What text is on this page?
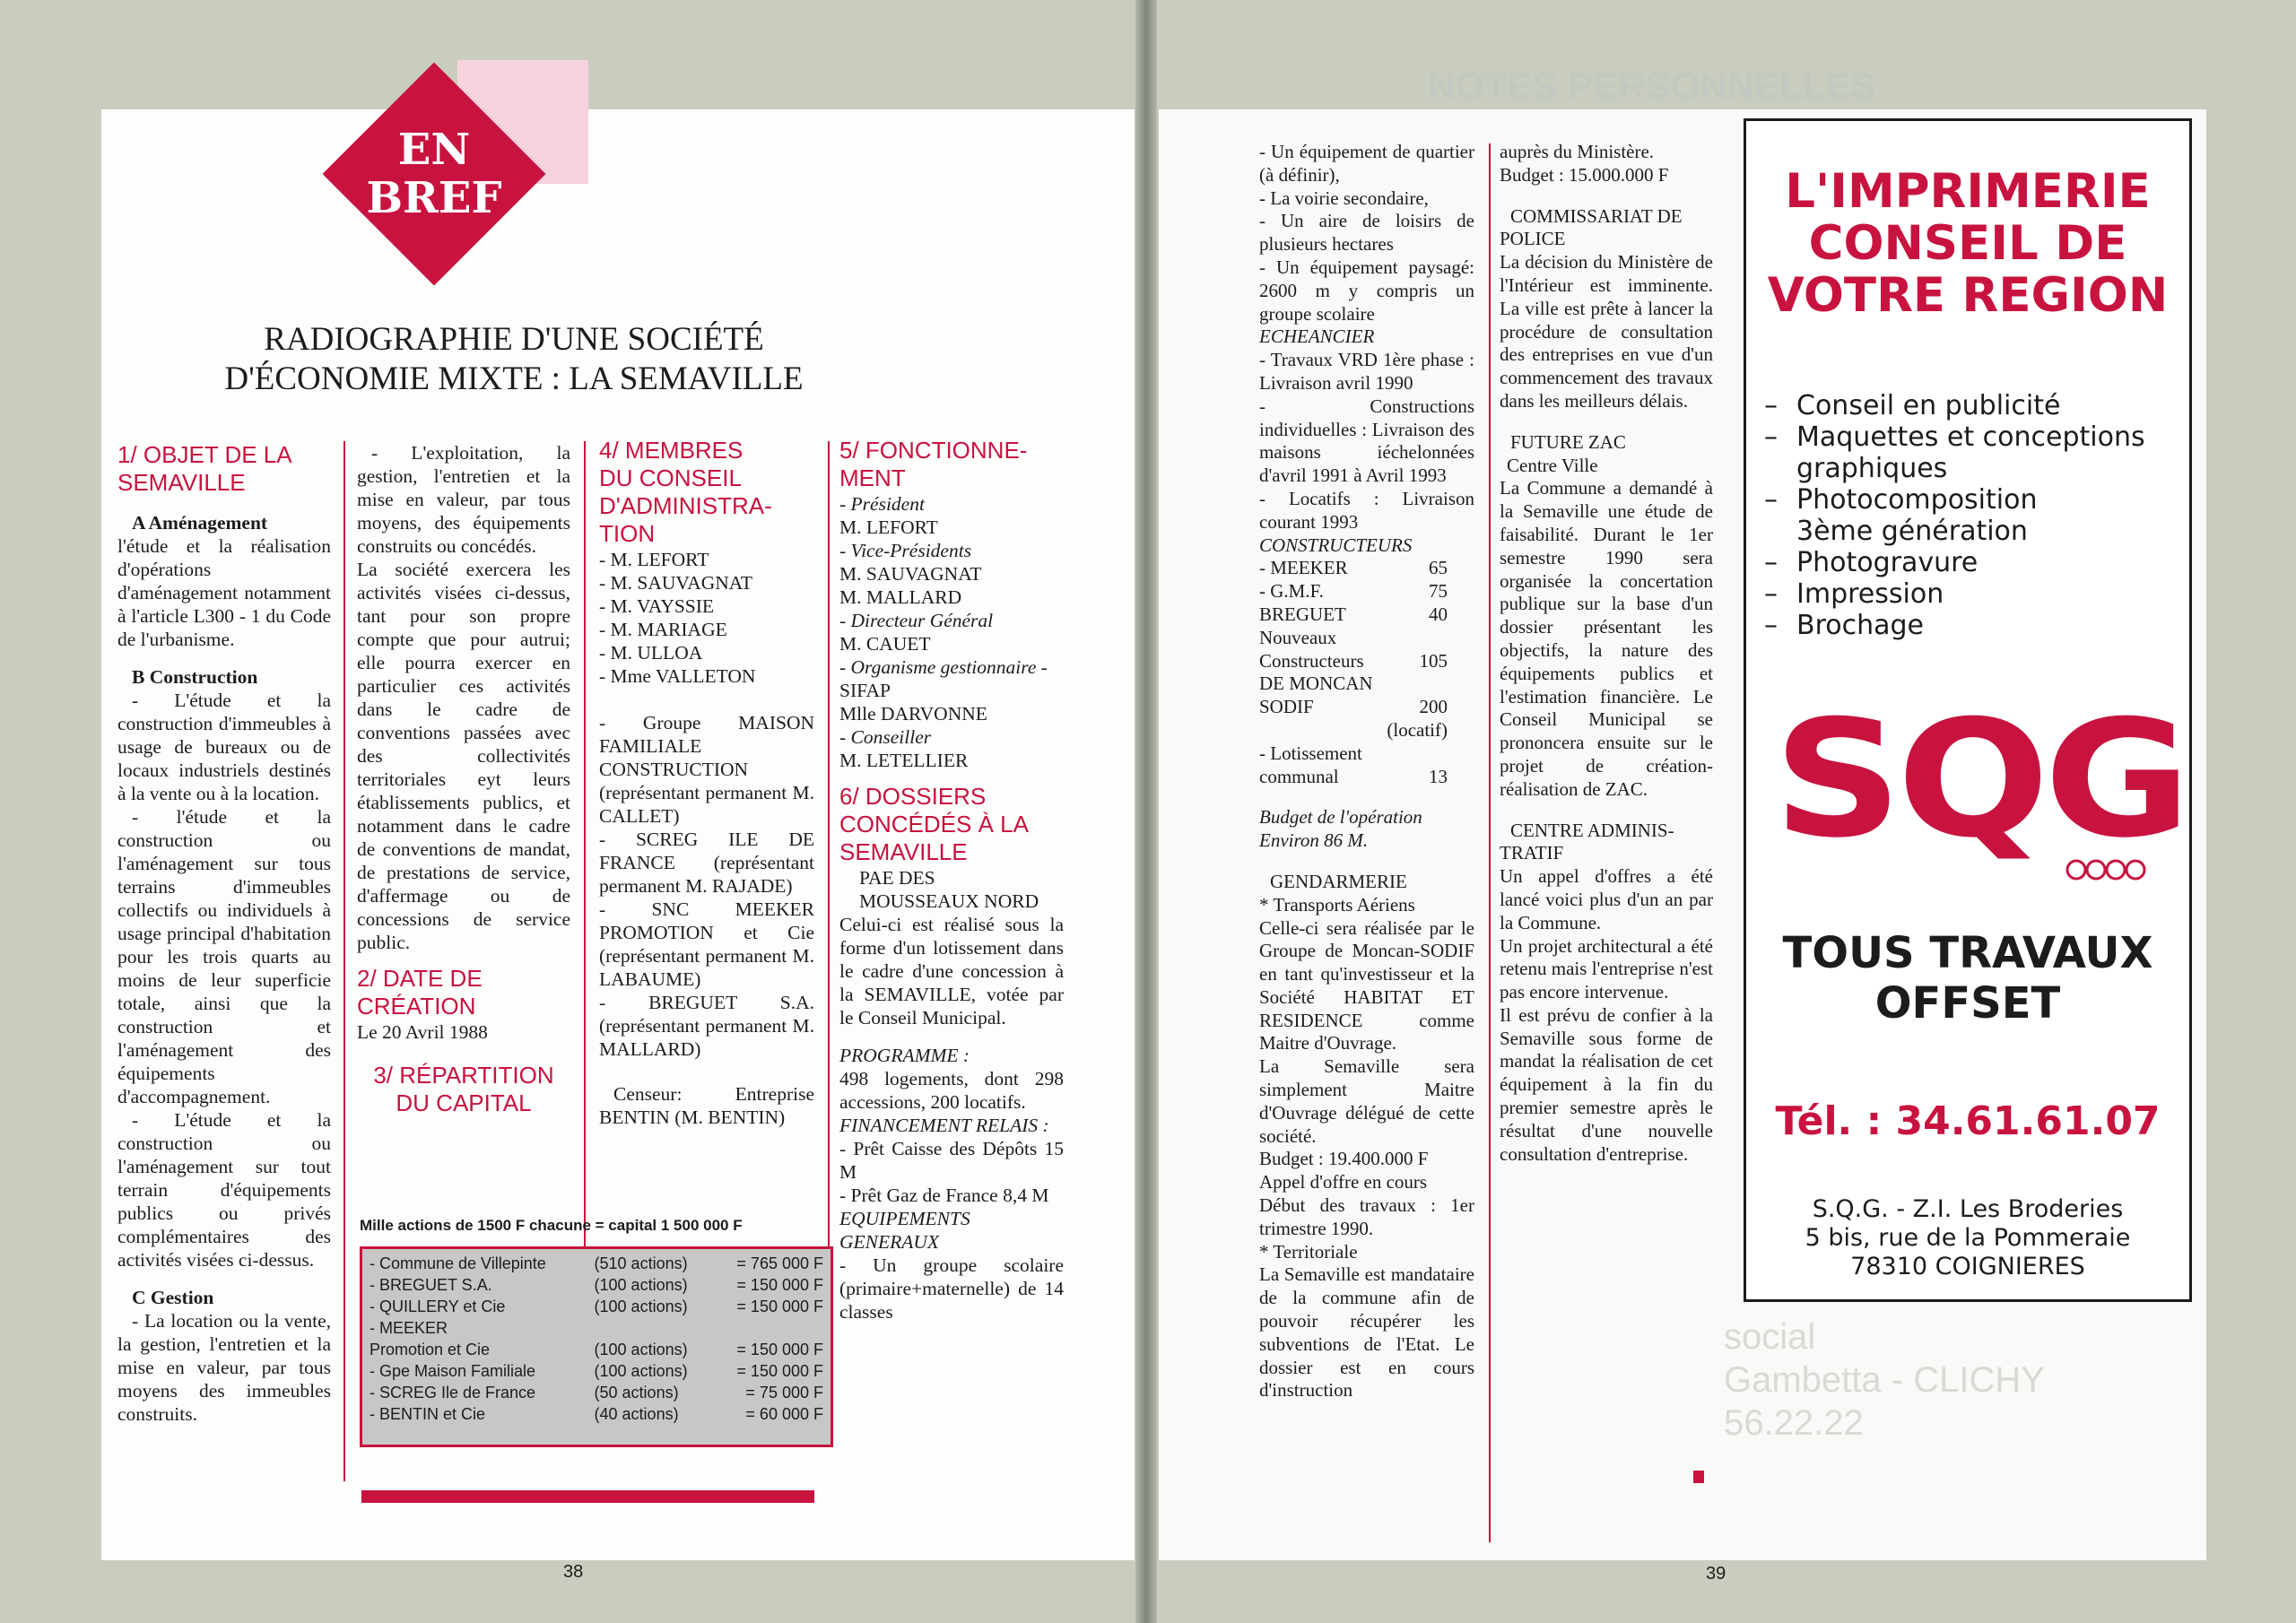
EN
BREF
RADIOGRAPHIE D'UNE SOCIÉTÉ
D'ÉCONOMIE MIXTE : LA SEMAVILLE
1/ OBJET DE LA
SEMAVILLE

A Aménagement

l'étude et la réalisation d'opérations d'aménagement notamment à l'article L300 - 1 du Code de l'urbanisme.

B Construction

- L'étude et la construction d'immeubles à usage de bureaux ou de locaux industriels destinés à la vente ou à la location.

- l'étude et la construction ou l'aménagement sur tous terrains d'immeubles collectifs ou individuels à usage principal d'habitation pour les trois quarts au moins de leur superficie totale, ainsi que la construction et l'aménagement des équipements d'accompagnement.

- L'étude et la construction ou l'aménagement sur tout terrain d'équipements publics ou privés complémentaires des activités visées ci-dessus.

C Gestion

- La location ou la vente, la gestion, l'entretien et la mise en valeur, par tous moyens des immeubles construits.

- L'exploitation, la gestion, l'entretien et la mise en valeur, par tous moyens, des équipements construits ou concédés.

La société exercera les activités visées ci-dessus, tant pour son propre compte que pour autrui; elle pourra exercer en particulier ces activités dans le cadre de conventions passées avec des collectivités territoriales eyt leurs établissements publics, et notamment dans le cadre de conventions de mandat, de prestations de service, d'affermage ou de concessions de service public.

2/ DATE DE
CRÉATION

Le 20 Avril 1988

3/ RÉPARTITION
DU CAPITAL
4/ MEMBRES
DU CONSEIL
D'ADMINISTRA-
TION

- M. LEFORT

- M. SAUVAGNAT

- M. VAYSSIE

- M. MARIAGE

- M. ULLOA

- Mme VALLETON

- Groupe MAISON FAMILIALE CONSTRUCTION (représentant permanent M. CALLET)

- SCREG ILE DE FRANCE (représentant permanent M. RAJADE)

- SNC MEEKER PROMOTION et Cie (représentant permanent M. LABAUME)

- BREGUET S.A. (représentant permanent M. MALLARD)

Censeur: Entreprise BENTIN (M. BENTIN)

5/ FONCTIONNE-
MENT

- Président

M. LEFORT

- Vice-Présidents

M. SAUVAGNAT

M. MALLARD

- Directeur Général

M. CAUET

- Organisme gestionnaire - SIFAP

Mlle DARVONNE

- Conseiller

M. LETELLIER

6/ DOSSIERS
CONCÉDÉS À LA
SEMAVILLE

PAE DES

MOUSSEAUX NORD

Celui-ci est réalisé sous la forme d'un lotissement dans le cadre d'une concession à la SEMAVILLE, votée par le Conseil Municipal.

PROGRAMME :

498 logements, dont 298 accessions, 200 locatifs.

FINANCEMENT RELAIS :

- Prêt Caisse des Dépôts 15 M

- Prêt Gaz de France 8,4 M

EQUIPEMENTS GENERAUX

- Un groupe scolaire (primaire+maternelle) de 14 classes

Mille actions de 1500 F chacune = capital 1 500 000 F
- Commune de Villepinte	(510 actions)	= 765 000 F
- BREGUET S.A.	(100 actions)	= 150 000 F
- QUILLERY et Cie	(100 actions)	= 150 000 F
- MEEKER		
Promotion et Cie	(100 actions)	= 150 000 F
- Gpe Maison Familiale	(100 actions)	= 150 000 F
- SCREG Ile de France	(50 actions)	= 75 000 F
- BENTIN et Cie	(40 actions)	= 60 000 F
38
NOTES PERSONNELLES
social
Gambetta - CLICHY
56.22.22

- Un équipement de quartier (à définir),

- La voirie secondaire,

- Un aire de loisirs de plusieurs hectares

- Un équipement paysagé: 2600 m y compris un groupe scolaire

ECHEANCIER

- Travaux VRD 1ère phase : Livraison avril 1990

- Constructions individuelles : Livraison des maisons iéchelonnées d'avril 1991 à Avril 1993

- Locatifs : Livraison courant 1993

CONSTRUCTEURS

- MEEKER	65
- G.M.F.	75
BREGUET	40
Nouveaux	
Constructeurs	105
DE MONCAN	
SODIF	200
	(locatif)
- Lotissement	
communal	13

Budget de l'opération

Environ 86 M.

GENDARMERIE

* Transports Aériens

Celle-ci sera réalisée par le Groupe de Moncan-SODIF en tant qu'investisseur et la Société HABITAT ET RESIDENCE comme Maitre d'Ouvrage.

La Semaville sera simplement Maitre d'Ouvrage délégué de cette société.

Budget : 19.400.000 F

Appel d'offre en cours

Début des travaux : 1er trimestre 1990.

* Territoriale

La Semaville est mandataire de la commune afin de pouvoir récupérer les subventions de l'Etat. Le dossier est en cours d'instruction

auprès du Ministère.

Budget : 15.000.000 F

COMMISSARIAT DE

POLICE

La décision du Ministère de l'Intérieur est imminente. La ville est prête à lancer la procédure de consultation des entreprises en vue d'un commencement des travaux dans les meilleurs délais.

FUTURE ZAC

Centre Ville

La Commune a demandé à la Semaville une étude de faisabilité. Durant le 1er semestre 1990 sera organisée la concertation publique sur la base d'un dossier présentant les objectifs, la nature des équipements publics et l'estimation financière. Le Conseil Municipal se prononcera ensuite sur le projet de création-réalisation de ZAC.

CENTRE ADMINIS-

TRATIF

Un appel d'offres a été lancé voici plus d'un an par la Commune.

Un projet architectural a été retenu mais l'entreprise n'est pas encore intervenue.

Il est prévu de confier à la Semaville sous forme de mandat la réalisation de cet équipement à la fin du premier semestre après le résultat d'une nouvelle consultation d'entreprise.

L'IMPRIMERIE
CONSEIL DE
VOTRE REGION
– Conseil en publicité
– Maquettes et conceptions
graphiques
– Photocomposition
3ème génération
– Photogravure
– Impression
– Brochage
SQG
TOUS TRAVAUX
OFFSET
Tél. : 34.61.61.07
S.Q.G. - Z.I. Les Broderies
5 bis, rue de la Pommeraie
78310 COIGNIERES
39
